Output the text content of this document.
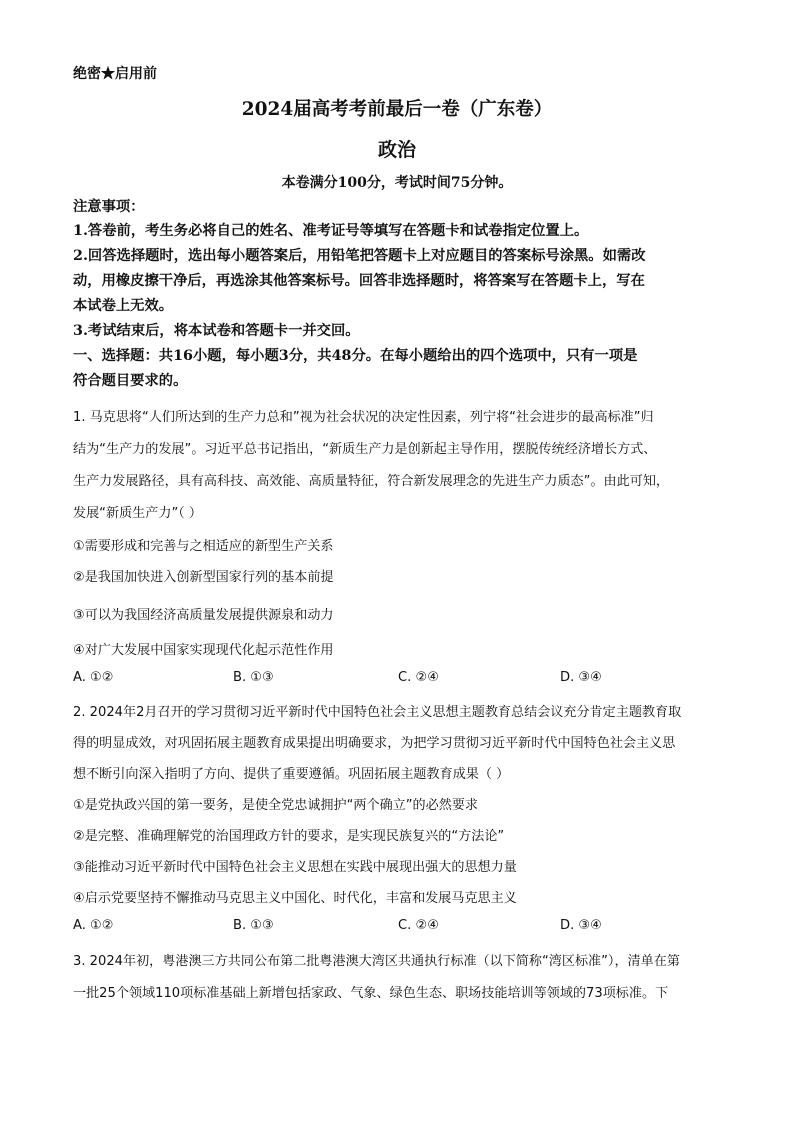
绝密★启用前
2024届高考考前最后一卷（广东卷）
政治
本卷满分100分，考试时间75分钟。
注意事项：
1.答卷前，考生务必将自己的姓名、准考证号等填写在答题卡和试卷指定位置上。
2.回答选择题时，选出每小题答案后，用铅笔把答题卡上对应题目的答案标号涂黑。如需改
动，用橡皮擦干净后，再选涂其他答案标号。回答非选择题时，将答案写在答题卡上，写在
本试卷上无效。
3.考试结束后，将本试卷和答题卡一并交回。
一、选择题：共16小题，每小题3分，共48分。在每小题给出的四个选项中，只有一项是
符合题目要求的。
1. 马克思将“人们所达到的生产力总和”视为社会状况的决定性因素，列宁将“社会进步的最高标准”归
结为“生产力的发展”。习近平总书记指出，“新质生产力是创新起主导作用，摆脱传统经济增长方式、
生产力发展路径，具有高科技、高效能、高质量特征，符合新发展理念的先进生产力质态”。由此可知，
发展“新质生产力”（ ）
①需要形成和完善与之相适应的新型生产关系
②是我国加快进入创新型国家行列的基本前提
③可以为我国经济高质量发展提供源泉和动力
④对广大发展中国家实现现代化起示范性作用
A. ①②	B. ①③	C. ②④	D. ③④
2. 2024年2月召开的学习贯彻习近平新时代中国特色社会主义思想主题教育总结会议充分肯定主题教育取
得的明显成效，对巩固拓展主题教育成果提出明确要求，为把学习贯彻习近平新时代中国特色社会主义思
想不断引向深入指明了方向、提供了重要遵循。巩固拓展主题教育成果（ ）
①是党执政兴国的第一要务，是使全党忠诚拥护“两个确立”的必然要求
②是完整、准确理解党的治国理政方针的要求，是实现民族复兴的“方法论”
③能推动习近平新时代中国特色社会主义思想在实践中展现出强大的思想力量
④启示党要坚持不懈推动马克思主义中国化、时代化，丰富和发展马克思主义
A. ①②	B. ①③	C. ②④	D. ③④
3. 2024年初，粤港澳三方共同公布第二批粤港澳大湾区共通执行标准（以下简称“湾区标准”），清单在第
一批25个领域110项标准基础上新增包括家政、气象、绿色生态、职场技能培训等领域的73项标准。下
